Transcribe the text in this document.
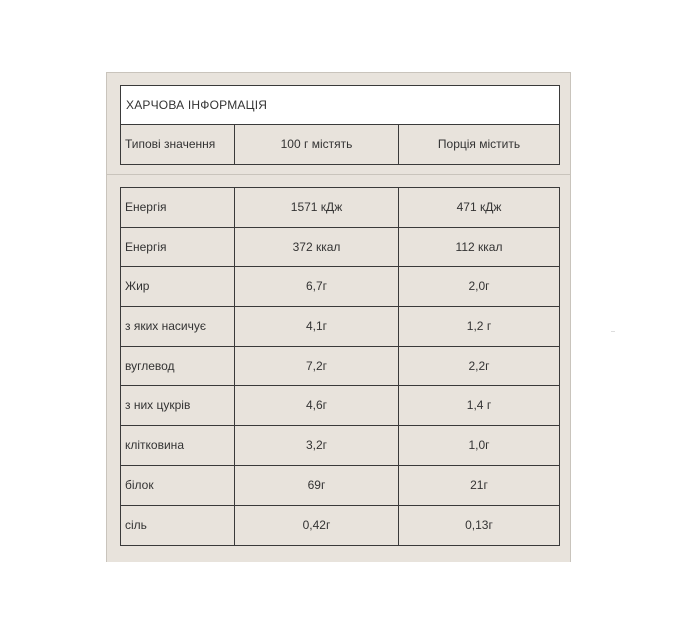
ХАРЧОВА ІНФОРМАЦІЯ
Типові значення	100 г містять	Порція містить
Енергія	1571 кДж	471 кДж
Енергія	372 ккал	112 ккал
Жир	6,7г	2,0г
з яких насичує	4,1г	1,2 г
вуглевод	7,2г	2,2г
з них цукрів	4,6г	1,4 г
клітковина	3,2г	1,0г
білок	69г	21г
сіль	0,42г	0,13г
